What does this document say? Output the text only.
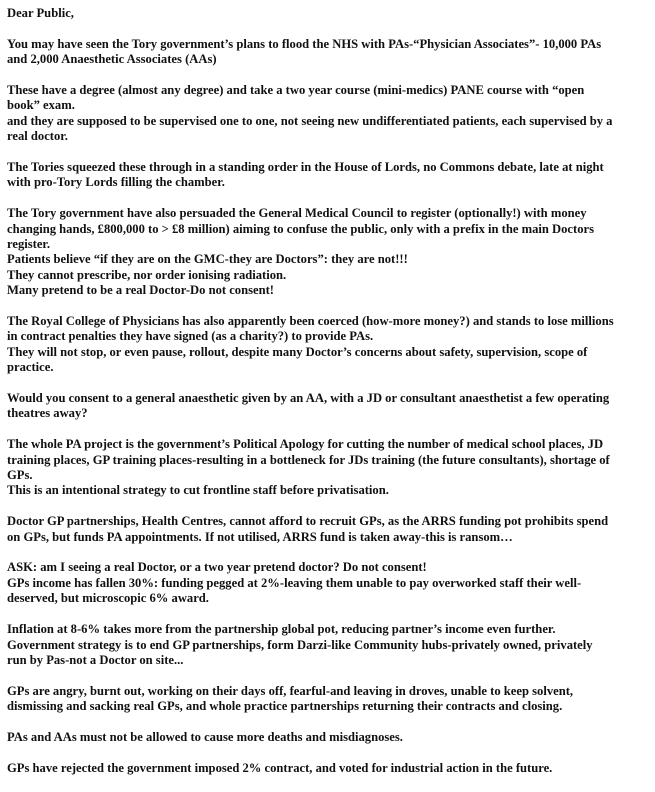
Dear Public,
You may have seen the Tory government’s plans to flood the NHS with PAs-“Physician Associates”- 10,000 PAs
and 2,000 Anaesthetic Associates (AAs)
These have a degree (almost any degree) and take a two year course (mini-medics) PANE course with “open
book” exam.
and they are supposed to be supervised one to one, not seeing new undifferentiated patients, each supervised by a
real doctor.
The Tories squeezed these through in a standing order in the House of Lords, no Commons debate, late at night
with pro-Tory Lords filling the chamber.
The Tory government have also persuaded the General Medical Council to register (optionally!) with money
changing hands, £800,000 to > £8 million) aiming to confuse the public, only with a prefix in the main Doctors
register.
Patients believe “if they are on the GMC-they are Doctors”: they are not!!!
They cannot prescribe, nor order ionising radiation.
Many pretend to be a real Doctor-Do not consent!
The Royal College of Physicians has also apparently been coerced (how-more money?) and stands to lose millions
in contract penalties they have signed (as a charity?) to provide PAs.
They will not stop, or even pause, rollout, despite many Doctor’s concerns about safety, supervision, scope of
practice.
Would you consent to a general anaesthetic given by an AA, with a JD or consultant anaesthetist a few operating
theatres away?
The whole PA project is the government’s Political Apology for cutting the number of medical school places, JD
training places, GP training places-resulting in a bottleneck for JDs training (the future consultants), shortage of
GPs.
This is an intentional strategy to cut frontline staff before privatisation.
Doctor GP partnerships, Health Centres, cannot afford to recruit GPs, as the ARRS funding pot prohibits spend
on GPs, but funds PA appointments. If not utilised, ARRS fund is taken away-this is ransom…
ASK: am I seeing a real Doctor, or a two year pretend doctor? Do not consent!
GPs income has fallen 30%: funding pegged at 2%-leaving them unable to pay overworked staff their well-
deserved, but microscopic 6% award.
Inflation at 8-6% takes more from the partnership global pot, reducing partner’s income even further.
Government strategy is to end GP partnerships, form Darzi-like Community hubs-privately owned, privately
run by Pas-not a Doctor on site...
GPs are angry, burnt out, working on their days off, fearful-and leaving in droves, unable to keep solvent,
dismissing and sacking real GPs, and whole practice partnerships returning their contracts and closing.
PAs and AAs must not be allowed to cause more deaths and misdiagnoses.
GPs have rejected the government imposed 2% contract, and voted for industrial action in the future.
